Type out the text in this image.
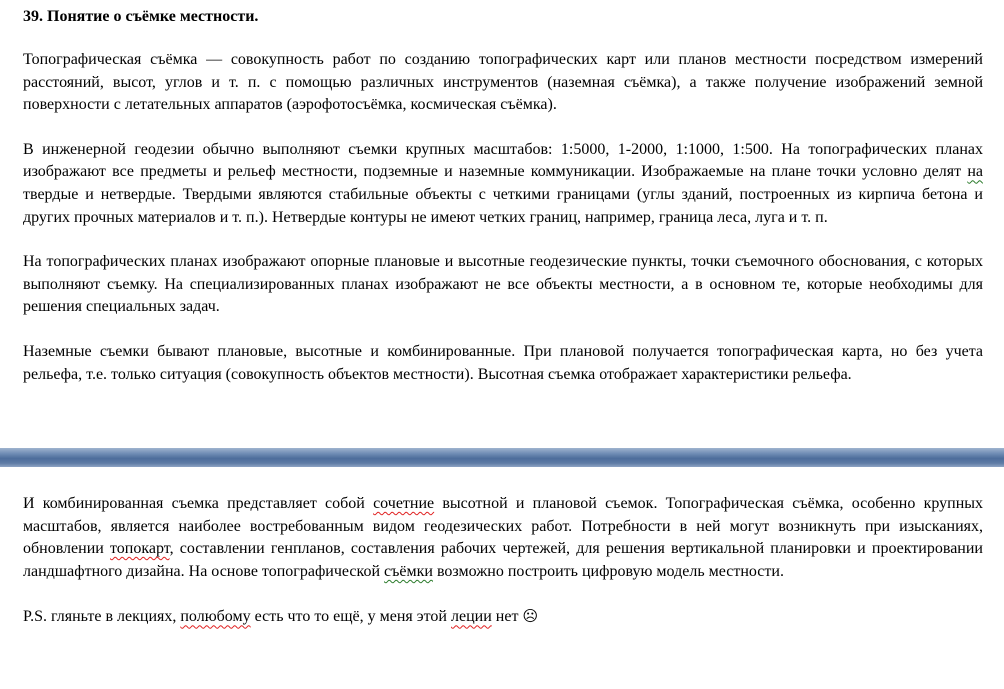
39. Понятие о съёмке местности.

Топографическая съёмка — совокупность работ по созданию топографических карт или планов местности посредством измерений расстояний, высот, углов и т. п. с помощью различных инструментов (наземная съёмка), а также получение изображений земной поверхности с летательных аппаратов (аэрофотосъёмка, космическая съёмка).

В инженерной геодезии обычно выполняют съемки крупных масштабов: 1:5000, 1-2000, 1:1000, 1:500. На топографических планах изображают все предметы и рельеф местности, подземные и наземные коммуникации. Изображаемые на плане точки условно делят на твердые и нетвердые. Твердыми являются стабильные объекты с четкими границами (углы зданий, построенных из кирпича бетона и других прочных материалов и т. п.). Нетвердые контуры не имеют четких границ, например, граница леса, луга и т. п.

На топографических планах изображают опорные плановые и высотные геодезические пункты, точки съемочного обоснования, с которых выполняют съемку. На специализированных планах изображают не все объекты местности, а в основном те, которые необходимы для решения специальных задач.

Наземные съемки бывают плановые, высотные и комбинированные. При плановой получается топографическая карта, но без учета рельефа, т.е. только ситуация (совокупность объектов местности). Высотная съемка отображает характеристики рельефа.

И комбинированная съемка представляет собой сочетние высотной и плановой съемок. Топографическая съёмка, особенно крупных масштабов, является наиболее востребованным видом геодезических работ. Потребности в ней могут возникнуть при изысканиях, обновлении топокарт, составлении генпланов, составления рабочих чертежей, для решения вертикальной планировки и проектировании ландшафтного дизайна. На основе топографической съёмки возможно построить цифровую модель местности.

P.S. гляньте в лекциях, полюбому есть что то ещё, у меня этой леции нет ☹
